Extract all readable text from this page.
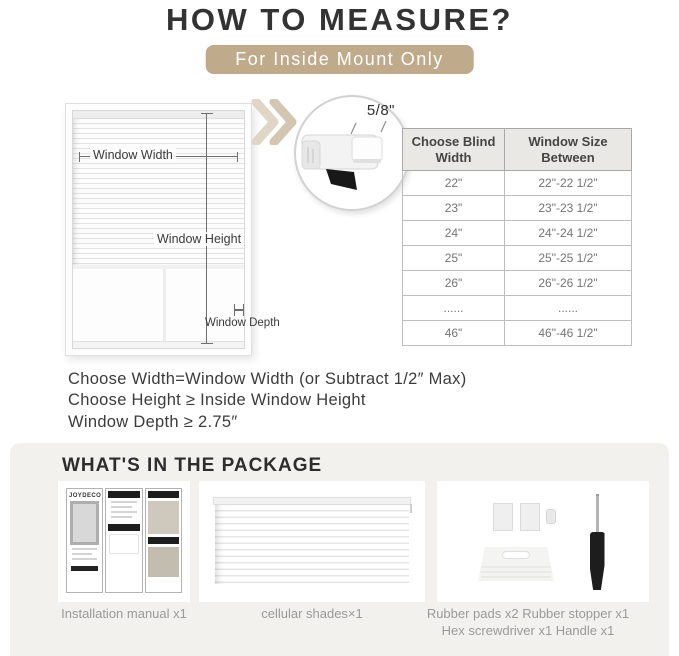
HOW TO MEASURE?
For Inside Mount Only
Window Width
Window Height
Window Depth
5/8"
Choose Blind Width	Window Size Between
22"	22"-22 1/2"
23"	23"-23 1/2"
24"	24"-24 1/2"
25"	25"-25 1/2"
26"	26"-26 1/2"
......	......
46"	46"-46 1/2"
Choose Width=Window Width (or Subtract 1/2″ Max)
Choose Height ≥ Inside Window Height
Window Depth ≥ 2.75″
WHAT'S IN THE PACKAGE
JOYDECO
Installation manual x1	cellular shades×1	Rubber pads x2 Rubber stopper x1
Hex screwdriver x1 Handle x1
